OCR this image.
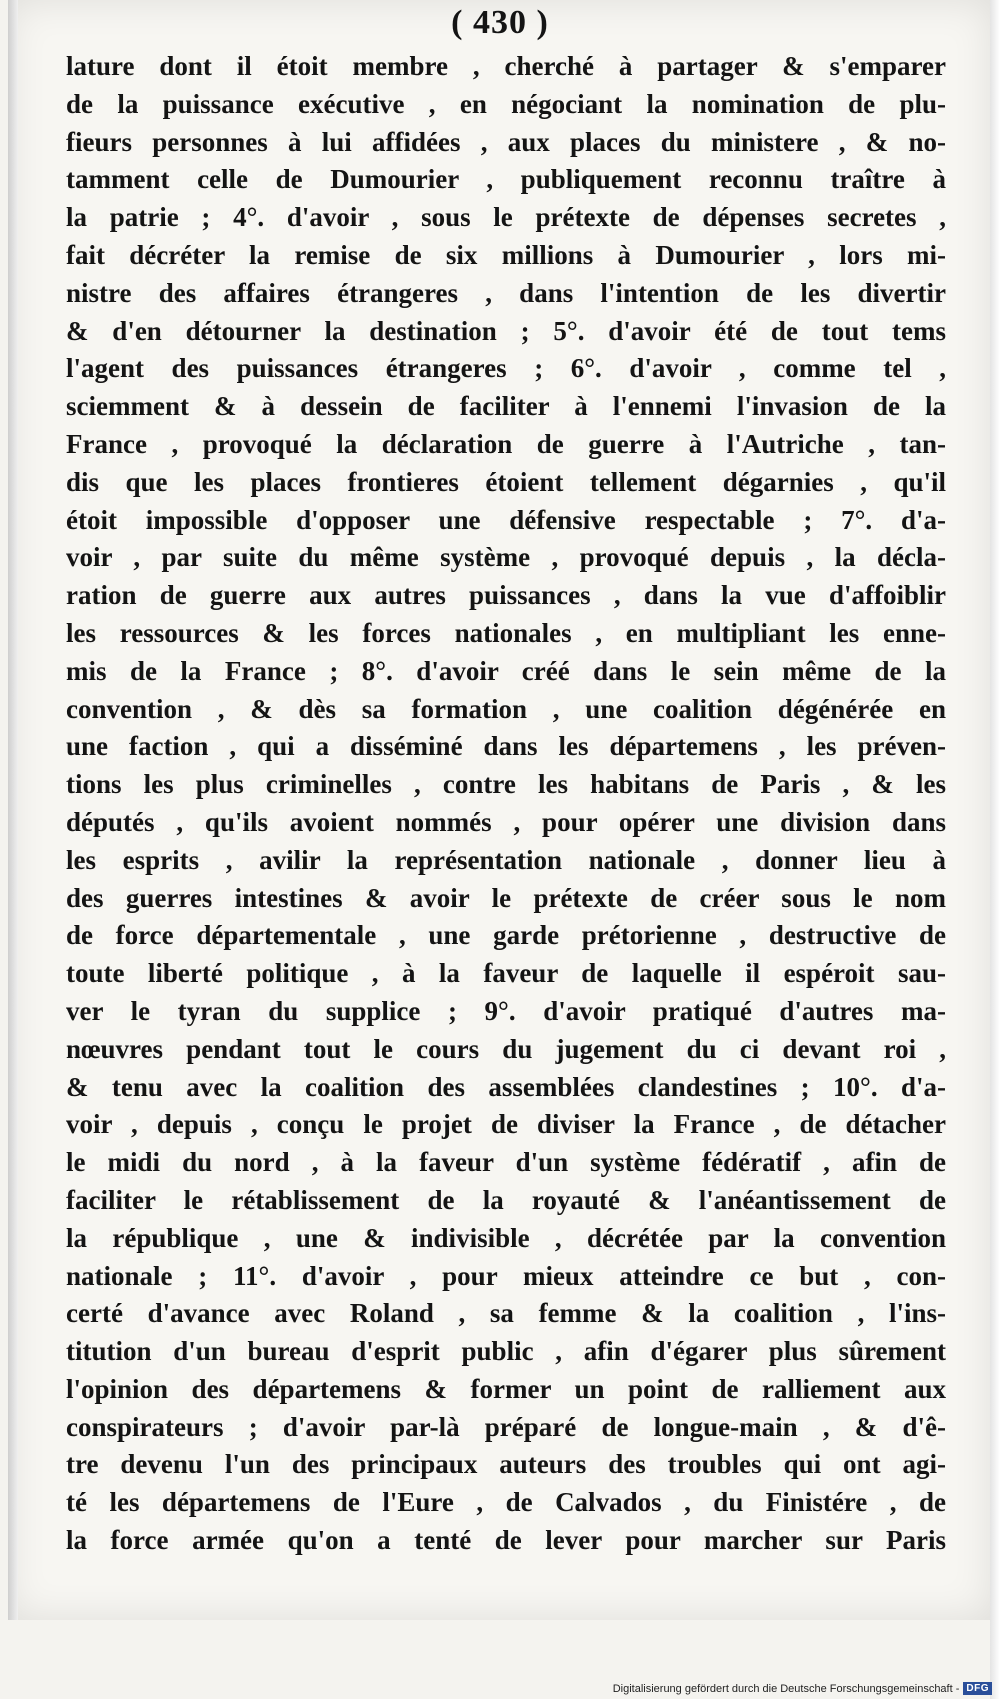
( 430 )
lature dont il étoit membre , cherché à partager & s'emparer
de la puissance exécutive , en négociant la nomination de plu-
fieurs personnes à lui affidées , aux places du ministere , & no-
tamment celle de Dumourier , publiquement reconnu traître à
la patrie ; 4°. d'avoir , sous le prétexte de dépenses secretes ,
fait décréter la remise de six millions à Dumourier , lors mi-
nistre des affaires étrangeres , dans l'intention de les divertir
& d'en détourner la destination ; 5°. d'avoir été de tout tems
l'agent des puissances étrangeres ; 6°. d'avoir , comme tel ,
sciemment & à dessein de faciliter à l'ennemi l'invasion de la
France , provoqué la déclaration de guerre à l'Autriche , tan-
dis que les places frontieres étoient tellement dégarnies , qu'il
étoit impossible d'opposer une défensive respectable ; 7°. d'a-
voir , par suite du même système , provoqué depuis , la décla-
ration de guerre aux autres puissances , dans la vue d'affoiblir
les ressources & les forces nationales , en multipliant les enne-
mis de la France ; 8°. d'avoir créé dans le sein même de la
convention , & dès sa formation , une coalition dégénérée en
une faction , qui a disséminé dans les départemens , les préven-
tions les plus criminelles , contre les habitans de Paris , & les
députés , qu'ils avoient nommés , pour opérer une division dans
les esprits , avilir la représentation nationale , donner lieu à
des guerres intestines & avoir le prétexte de créer sous le nom
de force départementale , une garde prétorienne , destructive de
toute liberté politique , à la faveur de laquelle il espéroit sau-
ver le tyran du supplice ; 9°. d'avoir pratiqué d'autres ma-
nœuvres pendant tout le cours du jugement du ci devant roi ,
& tenu avec la coalition des assemblées clandestines ; 10°. d'a-
voir , depuis , conçu le projet de diviser la France , de détacher
le midi du nord , à la faveur d'un système fédératif , afin de
faciliter le rétablissement de la royauté & l'anéantissement de
la république , une & indivisible , décrétée par la convention
nationale ; 11°. d'avoir , pour mieux atteindre ce but , con-
certé d'avance avec Roland , sa femme & la coalition , l'ins-
titution d'un bureau d'esprit public , afin d'égarer plus sûrement
l'opinion des départemens & former un point de ralliement aux
conspirateurs ; d'avoir par-là préparé de longue-main , & d'ê-
tre devenu l'un des principaux auteurs des troubles qui ont agi-
té les départemens de l'Eure , de Calvados , du Finistére , de
la force armée qu'on a tenté de lever pour marcher sur Paris
Digitalisierung gefördert durch die Deutsche Forschungsgemeinschaft - DFG
